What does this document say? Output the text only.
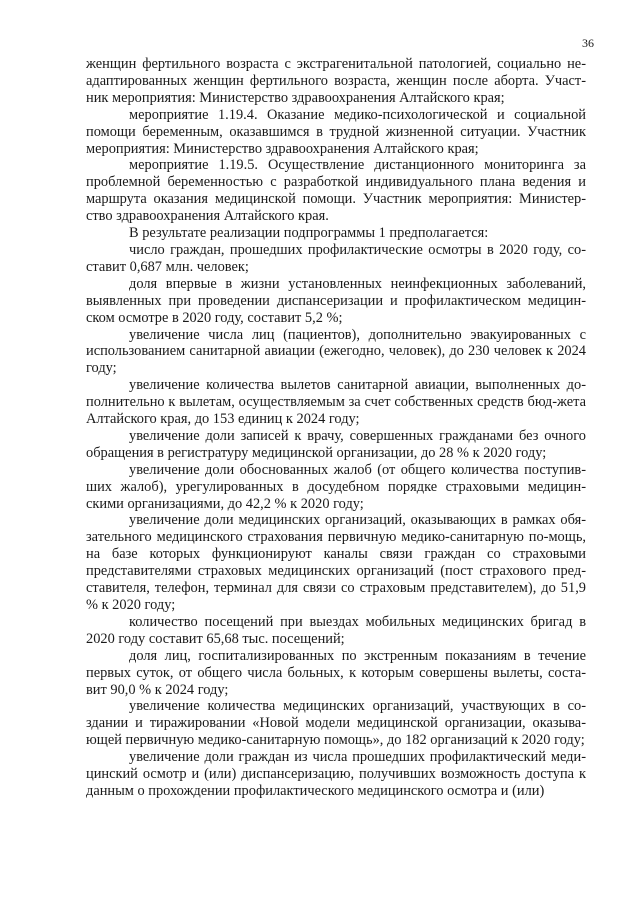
36

женщин фертильного возраста с экстрагенитальной патологией, социально не-адаптированных женщин фертильного возраста, женщин после аборта. Участ-ник мероприятия: Министерство здравоохранения Алтайского края;

мероприятие 1.19.4. Оказание медико-психологической и социальной помощи беременным, оказавшимся в трудной жизненной ситуации. Участник мероприятия: Министерство здравоохранения Алтайского края;

мероприятие 1.19.5. Осуществление дистанционного мониторинга за проблемной беременностью с разработкой индивидуального плана ведения и маршрута оказания медицинской помощи. Участник мероприятия: Министер-ство здравоохранения Алтайского края.

В результате реализации подпрограммы 1 предполагается:

число граждан, прошедших профилактические осмотры в 2020 году, со-ставит 0,687 млн. человек;

доля впервые в жизни установленных неинфекционных заболеваний, выявленных при проведении диспансеризации и профилактическом медицин-ском осмотре в 2020 году, составит 5,2 %;

увеличение числа лиц (пациентов), дополнительно эвакуированных с использованием санитарной авиации (ежегодно, человек), до 230 человек к 2024 году;

увеличение количества вылетов санитарной авиации, выполненных до-полнительно к вылетам, осуществляемым за счет собственных средств бюд-жета Алтайского края, до 153 единиц к 2024 году;

увеличение доли записей к врачу, совершенных гражданами без очного обращения в регистратуру медицинской организации, до 28 % к 2020 году;

увеличение доли обоснованных жалоб (от общего количества поступив-ших жалоб), урегулированных в досудебном порядке страховыми медицин-скими организациями, до 42,2 % к 2020 году;

увеличение доли медицинских организаций, оказывающих в рамках обя-зательного медицинского страхования первичную медико-санитарную по-мощь, на базе которых функционируют каналы связи граждан со страховыми представителями страховых медицинских организаций (пост страхового пред-ставителя, телефон, терминал для связи со страховым представителем), до 51,9 % к 2020 году;

количество посещений при выездах мобильных медицинских бригад в 2020 году составит 65,68 тыс. посещений;

доля лиц, госпитализированных по экстренным показаниям в течение первых суток, от общего числа больных, к которым совершены вылеты, соста-вит 90,0 % к 2024 году;

увеличение количества медицинских организаций, участвующих в со-здании и тиражировании «Новой модели медицинской организации, оказыва-ющей первичную медико-санитарную помощь», до 182 организаций к 2020 году;

увеличение доли граждан из числа прошедших профилактический меди-цинский осмотр и (или) диспансеризацию, получивших возможность доступа к данным о прохождении профилактического медицинского осмотра и (или)
